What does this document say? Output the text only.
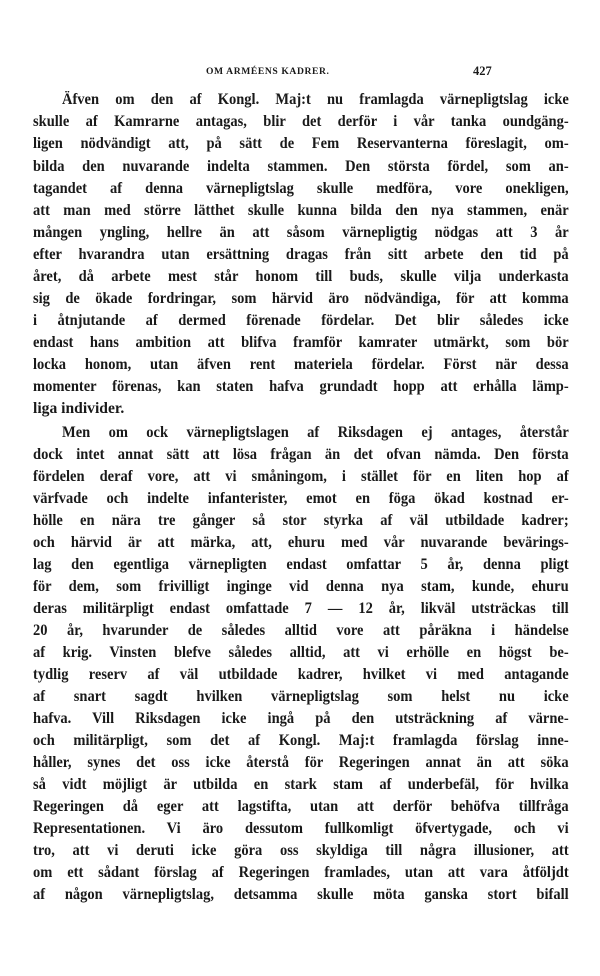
OM ARMÉENS KADRER.	427
Äfven om den af Kongl. Maj:t nu framlagda värnepligtslag icke
skulle af Kamrarne antagas, blir det derför i vår tanka oundgäng-
ligen nödvändigt att, på sätt de Fem Reservanterna föreslagit, om-
bilda den nuvarande indelta stammen. Den största fördel, som an-
tagandet af denna värnepligtslag skulle medföra, vore onekligen,
att man med större lätthet skulle kunna bilda den nya stammen, enär
mången yngling, hellre än att såsom värnepligtig nödgas att 3 år
efter hvarandra utan ersättning dragas från sitt arbete den tid på
året, då arbete mest står honom till buds, skulle vilja underkasta
sig de ökade fordringar, som härvid äro nödvändiga, för att komma
i åtnjutande af dermed förenade fördelar. Det blir således icke
endast hans ambition att blifva framför kamrater utmärkt, som bör
locka honom, utan äfven rent materiela fördelar. Först när dessa
momenter förenas, kan staten hafva grundadt hopp att erhålla lämp-
liga individer.
Men om ock värnepligtslagen af Riksdagen ej antages, återstår
dock intet annat sätt att lösa frågan än det ofvan nämda. Den första
fördelen deraf vore, att vi småningom, i stället för en liten hop af
värfvade och indelte infanterister, emot en föga ökad kostnad er-
hölle en nära tre gånger så stor styrka af väl utbildade kadrer;
och härvid är att märka, att, ehuru med vår nuvarande bevärings-
lag den egentliga värnepligten endast omfattar 5 år, denna pligt
för dem, som frivilligt inginge vid denna nya stam, kunde, ehuru
deras militärpligt endast omfattade 7 — 12 år, likväl utsträckas till
20 år, hvarunder de således alltid vore att påräkna i händelse
af krig. Vinsten blefve således alltid, att vi erhölle en högst be-
tydlig reserv af väl utbildade kadrer, hvilket vi med antagande
af snart sagdt hvilken värnepligtslag som helst nu icke
hafva. Vill Riksdagen icke ingå på den utsträckning af värne-
och militärpligt, som det af Kongl. Maj:t framlagda förslag inne-
håller, synes det oss icke återstå för Regeringen annat än att söka
så vidt möjligt är utbilda en stark stam af underbefäl, för hvilka
Regeringen då eger att lagstifta, utan att derför behöfva tillfråga
Representationen. Vi äro dessutom fullkomligt öfvertygade, och vi
tro, att vi deruti icke göra oss skyldiga till några illusioner, att
om ett sådant förslag af Regeringen framlades, utan att vara åtföljdt
af någon värnepligtslag, detsamma skulle möta ganska stort bifall
